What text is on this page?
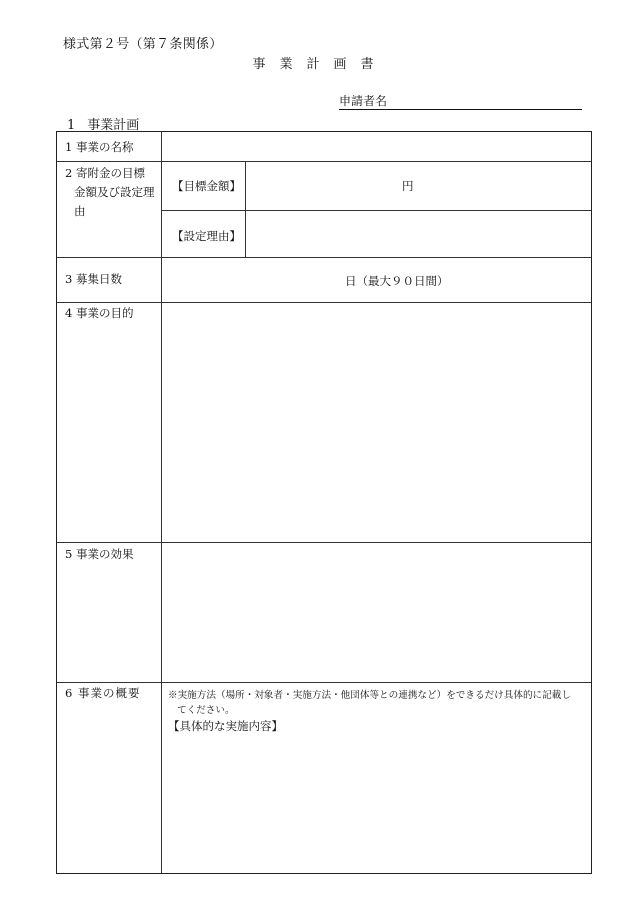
様式第２号（第７条関係）
事業計画書
申請者名
1 事業計画
1 事業の名称
2 寄附金の目標
金額及び設定理
由
【目標金額】	円
【設定理由】
3 募集日数	日（最大９０日間）
4 事業の目的
5 事業の効果
6 事業の概要	※実施方法（場所・対象者・実施方法・他団体等との連携など）をできるだけ具体的に記載し
てください。
【具体的な実施内容】
